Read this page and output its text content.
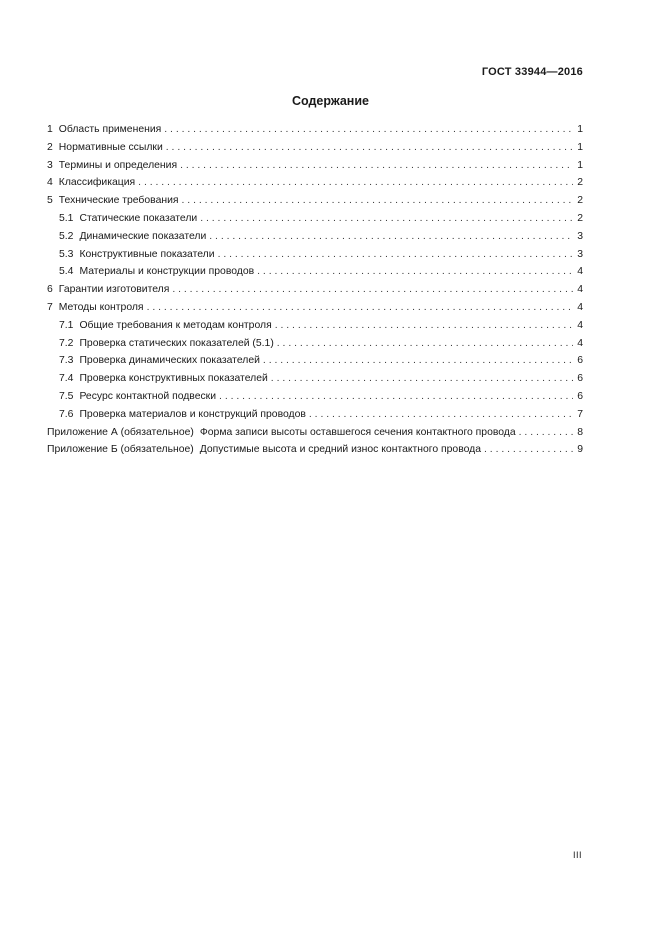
ГОСТ 33944—2016
Содержание
1 Область применения . . .	1
2 Нормативные ссылки . . .	1
3 Термины и определения . . .	1
4 Классификация . . .	2
5 Технические требования . . .	2
5.1 Статические показатели . . .	2
5.2 Динамические показатели . . .	3
5.3 Конструктивные показатели . . .	3
5.4 Материалы и конструкции проводов . . .	4
6 Гарантии изготовителя . . .	4
7 Методы контроля . . .	4
7.1 Общие требования к методам контроля . . .	4
7.2 Проверка статических показателей (5.1) . . .	4
7.3 Проверка динамических показателей . . .	6
7.4 Проверка конструктивных показателей . . .	6
7.5 Ресурс контактной подвески . . .	6
7.6 Проверка материалов и конструкций проводов . . .	7
Приложение А (обязательное) Форма записи высоты оставшегося сечения контактного провода . . .	8
Приложение Б (обязательное) Допустимые высота и средний износ контактного провода . . .	9
III
